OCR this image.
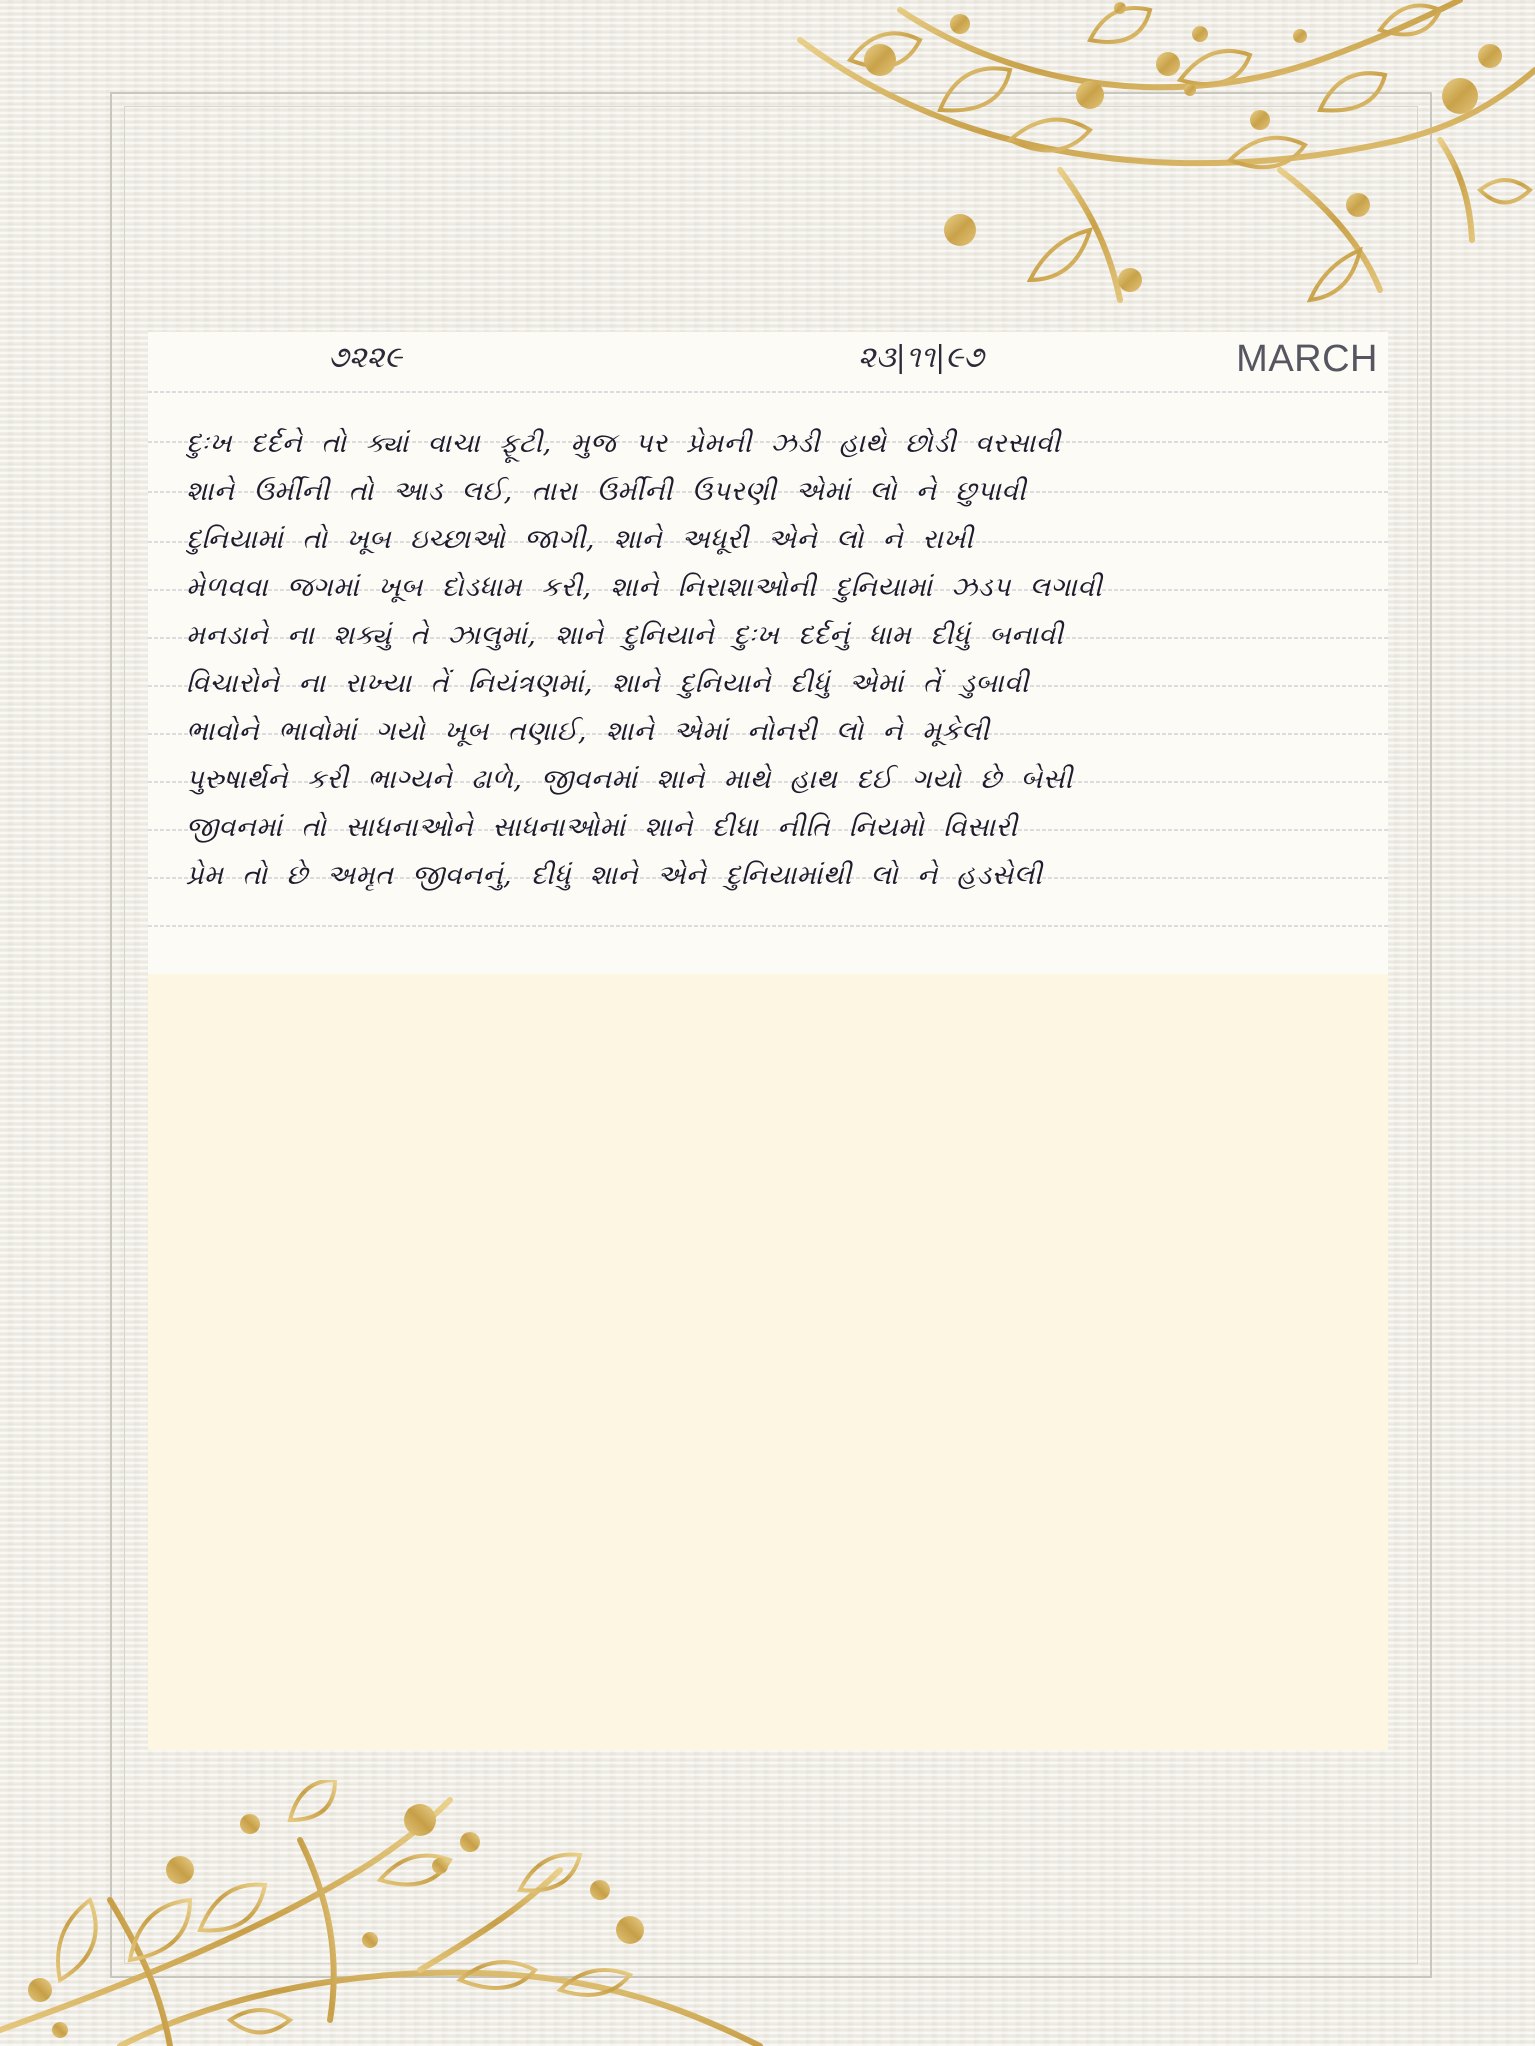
૭૨૨૯	૨૩|૧૧|૯૭	MARCH
દુઃખ દર્દને તો ક્યાં વાચા ફૂટી, મુજ પર પ્રેમની ઝડી હાથે છોડી વરસાવી
શાને ઉર્મીની તો આડ લઈ, તારા ઉર્મીની ઉપરણી એમાં લો ને છુપાવી
દુનિયામાં તો ખૂબ ઇચ્છાઓ જાગી, શાને અધૂરી એને લો ને રાખી
મેળવવા જગમાં ખૂબ દોડધામ કરી, શાને નિરાશાઓની દુનિયામાં ઝડપ લગાવી
મનડાને ના શક્યું તે ઝાલુમાં, શાને દુનિયાને દુઃખ દર્દનું ધામ દીધું બનાવી
વિચારોને ના રાખ્યા તેં નિયંત્રણમાં, શાને દુનિયાને દીધું એમાં તેં ડુબાવી
ભાવોને ભાવોમાં ગયો ખૂબ તણાઈ, શાને એમાં નોનરી લો ને મૂકેલી
પુરુષાર્થને કરી ભાગ્યને ઢાળે, જીવનમાં શાને માથે હાથ દઈ ગયો છે બેસી
જીવનમાં તો સાધનાઓને સાધનાઓમાં શાને દીધા નીતિ નિયમો વિસારી
પ્રેમ તો છે અમૃત જીવનનું, દીધું શાને એને દુનિયામાંથી લો ને હડસેલી
